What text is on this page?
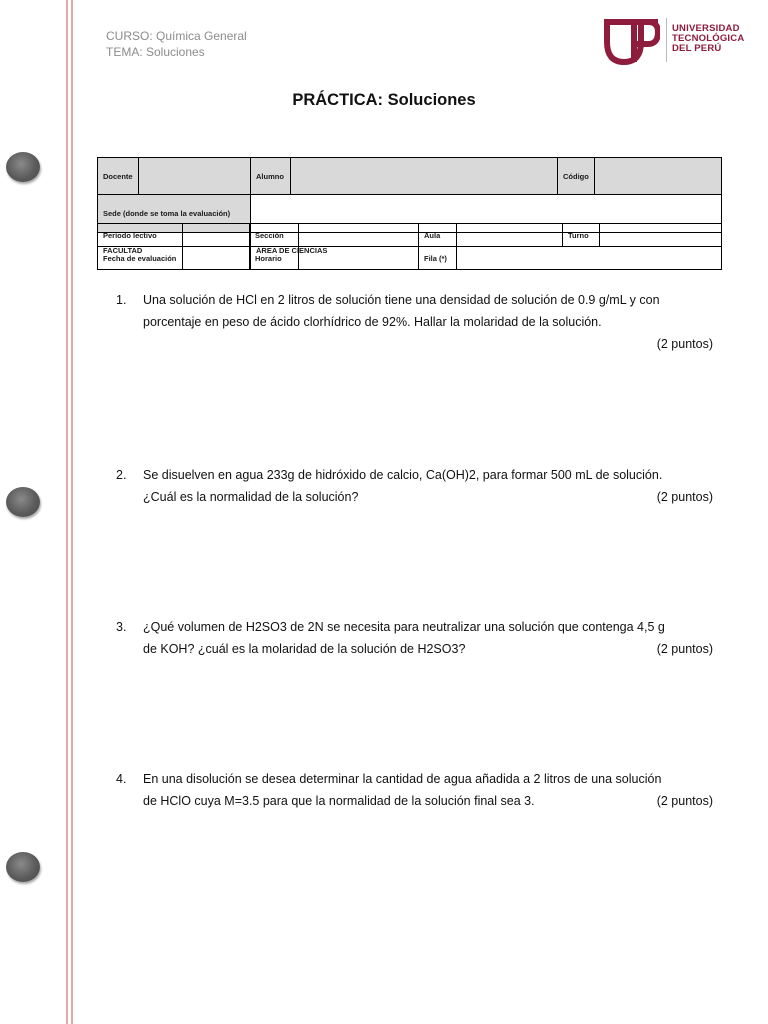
CURSO: Química General
TEMA: Soluciones
UNIVERSIDAD
TECNOLÓGICA
DEL PERÚ
PRÁCTICA: Soluciones
Docente		Alumno		Código	
Sede (donde se toma la evaluación)					
FACULTAD		ÁREA DE CIENCIAS			
Período lectivo		Sección		Aula		Turno	
Fecha de evaluación		Horario		Fila (*)			
1. Una solución de HCl en 2 litros de solución tiene una densidad de solución de 0.9 g/mL y con
porcentaje en peso de ácido clorhídrico de 92%. Hallar la molaridad de la solución.
(2 puntos)
2. Se disuelven en agua 233g de hidróxido de calcio, Ca(OH)2, para formar 500 mL de solución.
¿Cuál es la normalidad de la solución?	(2 puntos)
3. ¿Qué volumen de H2SO3 de 2N se necesita para neutralizar una solución que contenga 4,5 g
de KOH? ¿cuál es la molaridad de la solución de H2SO3?	(2 puntos)
4. En una disolución se desea determinar la cantidad de agua añadida a 2 litros de una solución
de HClO cuya M=3.5 para que la normalidad de la solución final sea 3.	(2 puntos)
